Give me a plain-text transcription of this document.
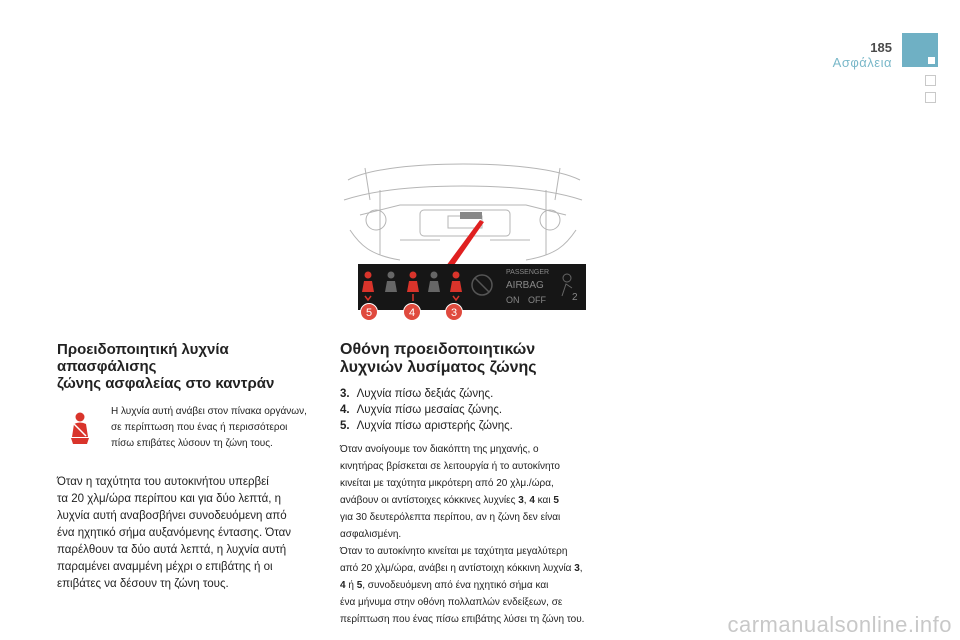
185
Ασφάλεια
PASSENGER
AIRBAG
ON OFF	2
5	4	3
Προειδοποιητική λυχνία απασφάλισης
ζώνης ασφαλείας στο καντράν
Η λυχνία αυτή ανάβει στον πίνακα οργάνων,
σε περίπτωση που ένας ή περισσότεροι
πίσω επιβάτες λύσουν τη ζώνη τους.
Όταν η ταχύτητα του αυτοκινήτου υπερβεί
τα 20 χλμ/ώρα περίπου και για δύο λεπτά, η
λυχνία αυτή αναβοσβήνει συνοδευόμενη από
ένα ηχητικό σήμα αυξανόμενης έντασης. Όταν
παρέλθουν τα δύο αυτά λεπτά, η λυχνία αυτή
παραμένει αναμμένη μέχρι ο επιβάτης ή οι
επιβάτες να δέσουν τη ζώνη τους.
Οθόνη προειδοποιητικών
λυχνιών λυσίματος ζώνης
3. Λυχνία πίσω δεξιάς ζώνης.
4. Λυχνία πίσω μεσαίας ζώνης.
5. Λυχνία πίσω αριστερής ζώνης.
Όταν ανοίγουμε τον διακόπτη της μηχανής, ο
κινητήρας βρίσκεται σε λειτουργία ή το αυτοκίνητο
κινείται με ταχύτητα μικρότερη από 20 χλμ./ώρα,
ανάβουν οι αντίστοιχες κόκκινες λυχνίες 3, 4 και 5
για 30 δευτερόλεπτα περίπου, αν η ζώνη δεν είναι
ασφαλισμένη.
Όταν το αυτοκίνητο κινείται με ταχύτητα μεγαλύτερη
από 20 χλμ/ώρα, ανάβει η αντίστοιχη κόκκινη λυχνία 3,
4 ή 5, συνοδευόμενη από ένα ηχητικό σήμα και
ένα μήνυμα στην οθόνη πολλαπλών ενδείξεων, σε
περίπτωση που ένας πίσω επιβάτης λύσει τη ζώνη του.	carmanualsonline.info
